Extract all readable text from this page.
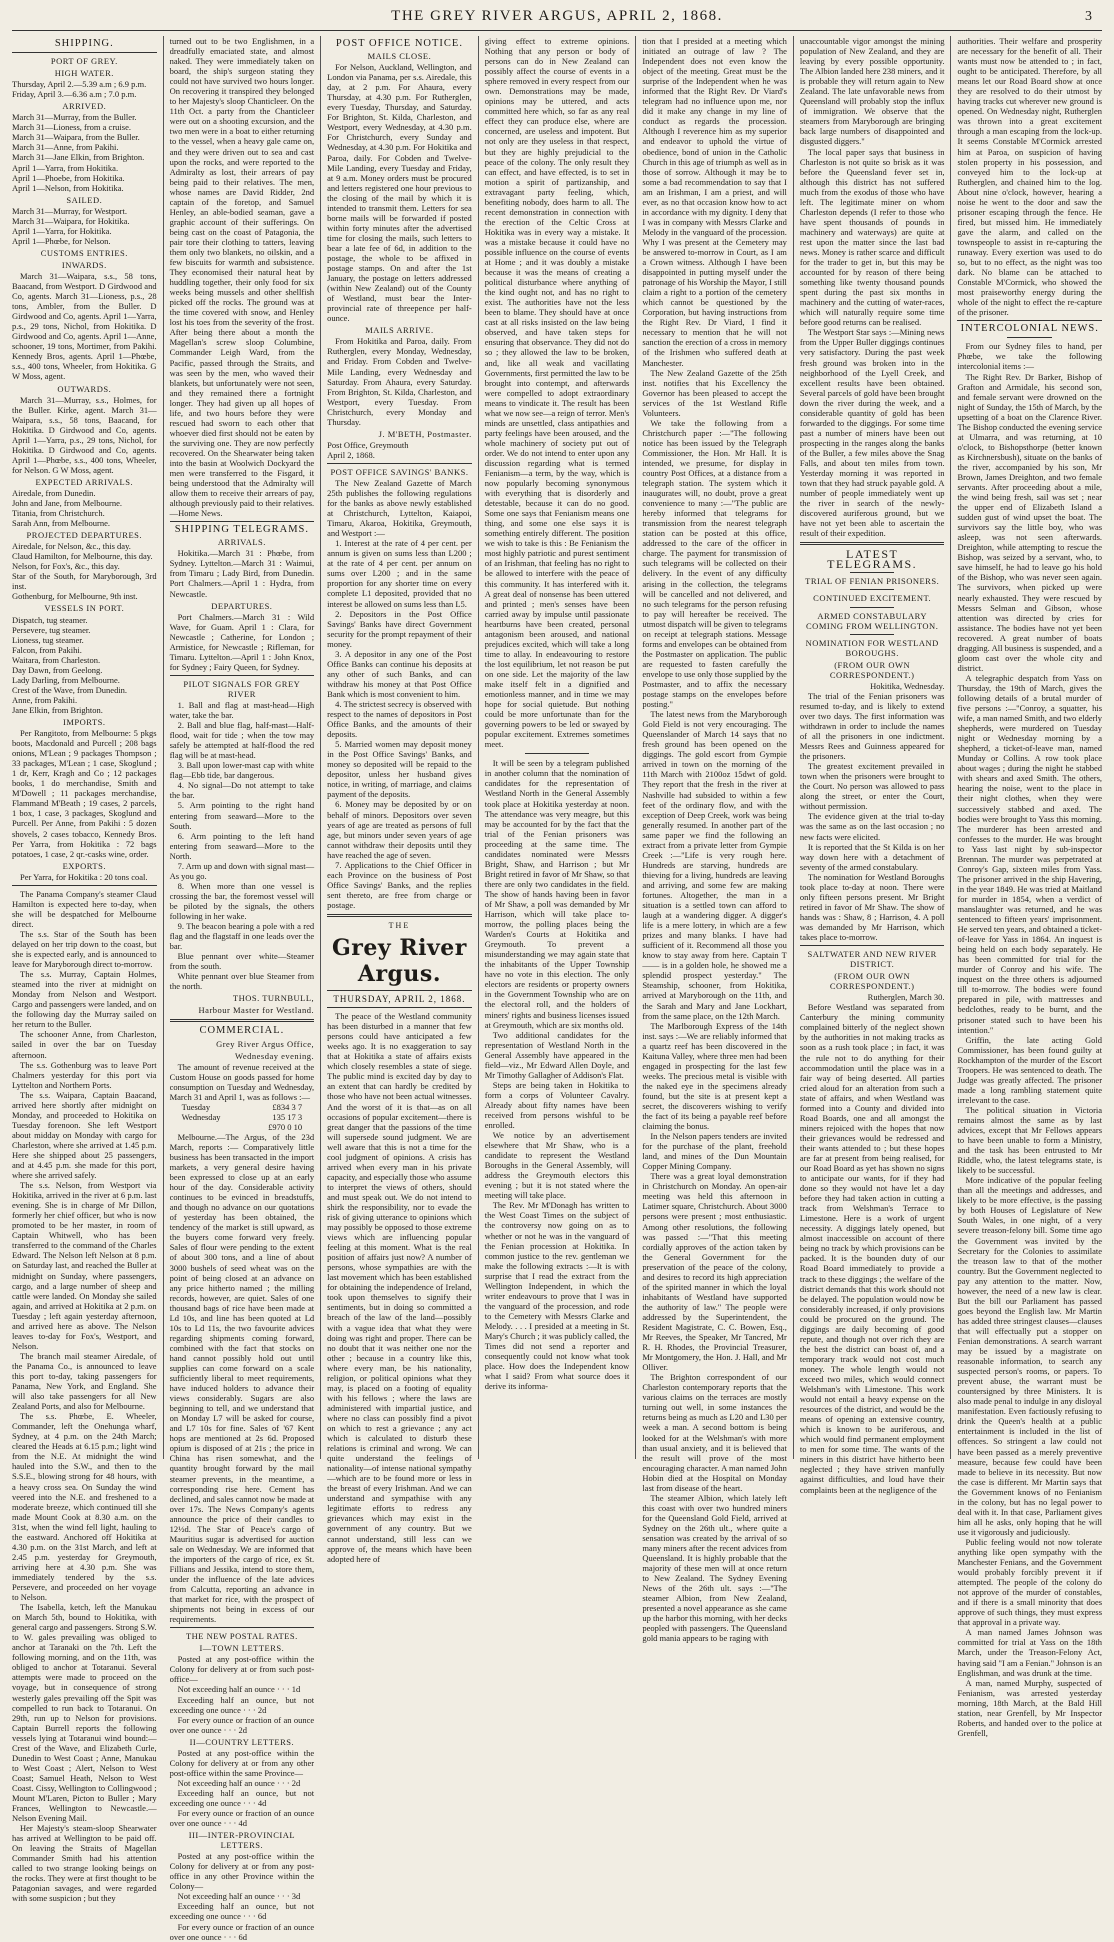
THE GREY RIVER ARGUS, APRIL 2, 1868.	3
SHIPPING.
PORT OF GREY.
HIGH WATER.
Thursday, April 2.—5.39 a.m ; 6.9 p.m.
Friday, April 3.—6.36 a.m ; 7.0 p.m.
ARRIVED.
March 31—Murray, from the Buller.
March 31—Lioness, from a cruise.
March 31—Waipara, from the Buller.
March 31—Anne, from Pakihi.
March 31—Jane Elkin, from Brighton.
April 1—Yarra, from Hokitika.
April 1—Phoebe, from Hokitika.
April 1—Nelson, from Hokitika.
SAILED.
March 31—Murray, for Westport.
March 31—Waipara, for Hokitika.
April 1—Yarra, for Hokitika.
April 1—Phœbe, for Nelson.
CUSTOMS ENTRIES.
INWARDS.

March 31—Waipara, s.s., 58 tons, Baacand, from Westport. D Girdwood and Co, agents. March 31—Lioness, p.s., 28 tons, Ambler, from the Buller. D Girdwood and Co, agents. April 1—Yarra, p.s., 29 tons, Nichol, from Hokitika. D Girdwood and Co, agents. April 1—Anne, schooner, 19 tons, Mortimer, from Pakihi. Kennedy Bros, agents. April 1—Phœbe, s.s., 400 tons, Wheeler, from Hokitika. G W Moss, agent.

OUTWARDS.

March 31—Murray, s.s., Holmes, for the Buller. Kirke, agent. March 31—Waipara, s.s., 58 tons, Baacand, for Hokitika. D Girdwood and Co, agents. April 1—Yarra, p.s., 29 tons, Nichol, for Hokitika. D Girdwood and Co, agents. April 1—Phœbe, s.s., 400 tons, Wheeler, for Nelson. G W Moss, agent.

EXPECTED ARRIVALS.
Airedale, from Dunedin.
John and Jane, from Melbourne.
Titania, from Christchurch.
Sarah Ann, from Melbourne.
PROJECTED DEPARTURES.
Airedale, for Nelson, &c., this day.
Claud Hamilton, for Melbourne, this day.
Nelson, for Fox's, &c., this day.
Star of the South, for Maryborough, 3rd inst.
Gothenburg, for Melbourne, 9th inst.
VESSELS IN PORT.
Dispatch, tug steamer.
Persevere, tug steamer.
Lioness, tug steamer.
Falcon, from Pakihi.
Waitara, from Charleston.
Day Dawn, from Geelong.
Lady Darling, from Melbourne.
Crest of the Wave, from Dunedin.
Anne, from Pakihi.
Jane Elkin, from Brighton.
IMPORTS.

Per Rangitoto, from Melbourne: 5 pkgs boots, Macdonald and Purcell ; 208 bags onions, M'Lean ; 9 packages Thompson ; 33 packages, M'Lean ; 1 case, Skoglund ; 1 dr, Kerr, Kragh and Co ; 12 packages books, 1 do merchandise, Smith and M'Dowell ; 11 packages merchandise, Flammand M'Beath ; 19 cases, 2 parcels, 1 box, 1 case, 3 packages, Skoglund and Purcell. Per Anne, from Pakihi : 5 dozen shovels, 2 cases tobacco, Kennedy Bros. Per Yarra, from Hokitika : 72 bags potatoes, 1 case, 2 qr.-casks wine, order.

EXPORTS.

Per Yarra, for Hokitika : 20 tons coal.

The Panama Company's steamer Claud Hamilton is expected here to-day, when she will be despatched for Melbourne direct.

The s.s. Star of the South has been delayed on her trip down to the coast, but she is expected early, and is announced to leave for Maryborough direct to-morrow.

The s.s. Murray, Captain Holmes, steamed into the river at midnight on Monday from Nelson and Westport. Cargo and passengers were landed, and on the following day the Murray sailed on her return to the Buller.

The schooner Anne, from Charleston, sailed in over the bar on Tuesday afternoon.

The s.s. Gothenburg was to leave Port Chalmers yesterday for this port via Lyttelton and Northern Ports.

The s.s. Waipara, Captain Baacand, arrived here shortly after midnight on Monday, and proceeded to Hokitika on Tuesday forenoon. She left Westport about midday on Monday with cargo for Charleston, where she arrived at 1.45 p.m. Here she shipped about 25 passengers, and at 4.45 p.m. she made for this port, where she arrived safely.

The s.s. Nelson, from Westport via Hokitika, arrived in the river at 6 p.m. last evening. She is in charge of Mr Dillon, formerly her chief officer, but who is now promoted to be her master, in room of Captain Whitwell, who has been transferred to the command of the Charles Edward. The Nelson left Nelson at 8 p.m. on Saturday last, and reached the Buller at midnight on Sunday, where passengers, cargo, and a large number of sheep and cattle were landed. On Monday she sailed again, and arrived at Hokitika at 2 p.m. on Tuesday ; left again yesterday afternoon, and arrived here as above. The Nelson leaves to-day for Fox's, Westport, and Nelson.

The branch mail steamer Airedale, of the Panama Co., is announced to leave this port to-day, taking passengers for Panama, New York, and England. She will also take passengers for all New Zealand Ports, and also for Melbourne.

The s.s. Phœbe, E. Wheeler, Commander, left the Onehunga wharf, Sydney, at 4 p.m. on the 24th March; cleared the Heads at 6.15 p.m.; light wind from the N.E. At midnight the wind hauled into the S.W., and then to the S.S.E., blowing strong for 48 hours, with a heavy cross sea. On Sunday the wind veered into the N.E. and freshened to a moderate breeze, which continued till she made Mount Cook at 8.30 a.m. on the 31st, when the wind fell light, hauling to the eastward. Anchored off Hokitika at 4.30 p.m. on the 31st March, and left at 2.45 p.m. yesterday for Greymouth, arriving here at 4.30 p.m. She was immediately tendered by the s.s. Persevere, and proceeded on her voyage to Nelson.

The Isabella, ketch, left the Manukau on March 5th, bound to Hokitika, with general cargo and passengers. Strong S.W. to W. gales prevailing was obliged to anchor at Taranaki on the 7th. Left the following morning, and on the 11th, was obliged to anchor at Totaranui. Several attempts were made to proceed on the voyage, but in consequence of strong westerly gales prevailing off the Spit was compelled to run back to Totaranui. On 29th, run up to Nelson for provisions. Captain Burrell reports the following vessels lying at Totaranui wind bound:—Crest of the Wave, and Elizabeth Curle, Dunedin to West Coast ; Anne, Manukau to West Coast ; Alert, Nelson to West Coast; Samuel Heath, Nelson to West Coast. Cissy, Wellington to Collingwood ; Mount M'Laren, Picton to Buller ; Mary Frances, Wellington to Newcastle.—Nelson Evening Mail.

Her Majesty's steam-sloop Shearwater has arrived at Wellington to be paid off. On leaving the Straits of Magellan Commander Smith had his attention called to two strange looking beings on the rocks. They were at first thought to be Patagonian savages, and were regarded with some suspicion ; but they

turned out to be two Englishmen, in a dreadfully emaciated state, and almost naked. They were immediately taken on board, the ship's surgeon stating they could not have survived two hours longer. On recovering it transpired they belonged to her Majesty's sloop Chanticleer. On the 11th Oct. a party from the Chanticleer were out on a shooting excursion, and the two men were in a boat to either returning to the vessel, when a heavy gale came on, and they were driven out to sea and cast upon the rocks, and were reported to the Admiralty as lost, their arrears of pay being paid to their relatives. The men, whose names are David Ridder, 2nd captain of the foretop, and Samuel Henley, an able-bodied seaman, gave a graphic account of their sufferings. On being cast on the coast of Patagonia, the pair tore their clothing to tatters, leaving them only two blankets, no oilskin, and a few biscuits for warmth and subsistence. They economised their natural heat by huddling together, their only food for six weeks being mussels and other shellfish picked off the rocks. The ground was at the time covered with snow, and Henley lost his toes from the severity of the frost. After being there about a month the Magellan's screw sloop Columbine, Commander Leigh Ward, from the Pacific, passed through the Straits, and was seen by the men, who waved their blankets, but unfortunately were not seen, and they remained there a fortnight longer. They had given up all hopes of life, and two hours before they were rescued had sworn to each other that whoever died first should not be eaten by the surviving one. They are now perfectly recovered. On the Shearwater being taken into the basin at Woolwich Dockyard the men were transferred to the Fisgard, it being understood that the Admiralty will allow them to receive their arrears of pay, although previously paid to their relatives.—Home News.

SHIPPING TELEGRAMS.
ARRIVALS.

Hokitika.—March 31 : Phœbe, from Sydney. Lyttelton.—March 31 : Waimui, from Timaru ; Lady Bird, from Dunedin. Port Chalmers.—April 1 : Hydra, from Newcastle.

DEPARTURES.

Port Chalmers.—March 31 : Wild Wave, for Guam. April 1 : Clara, for Newcastle ; Catherine, for London ; Armistice, for Newcastle ; Rifleman, for Timaru. Lyttelton.—April 1 : John Knox, for Sydney ; Fairy Queen, for Sydney.

PILOT SIGNALS FOR GREY RIVER

1. Ball and flag at mast-head—High water, take the bar.

2. Ball and blue flag, half-mast—Half-flood, wait for tide ; when the tow may safely be attempted at half-flood the red flag will be at mast-head.

3. Ball upon lower-mast cap with white flag—Ebb tide, bar dangerous.

4. No signal—Do not attempt to take the bar.

5. Arm pointing to the right hand entering from seaward—More to the South.

6. Arm pointing to the left hand entering from seaward—More to the North.

7. Arm up and down with signal mast—As you go.

8. When more than one vessel is crossing the bar, the foremost vessel will be piloted by the signals, the others following in her wake.

9. The beacon bearing a pole with a red flag and the flagstaff in one leads over the bar.

Blue pennant over white—Steamer from the south.

White pennant over blue Steamer from the north.

THOS. TURNBULL,
Harbour Master for Westland.
COMMERCIAL.
Grey River Argus Office,
Wednesday evening.

The amount of revenue received at the Custom House on goods passed for home consumption on Tuesday and Wednesday, March 31 and April 1, was as follows :—

Tuesday	£834 3 7
Wednesday	135 17 3
£970 0 10

Melbourne.—The Argus, of the 23d March, reports :— Comparatively little business has been transacted in the import markets, a very general desire having been expressed to close up at an early hour of the day. Considerable activity continues to be evinced in breadstuffs, and though no advance on our quotations of yesterday has been obtained, the tendency of the market is still upward, as the buyers come forward very freely. Sales of flour were pending to the extent of about 300 tons, and a line of about 3000 bushels of seed wheat was on the point of being closed at an advance on any price hitherto named ; the milling records, however, are quiet. Sales of one thousand bags of rice have been made at Ld 10s, and line has been quoted at Ld 10s to Ld 11s, the two favourite advices regarding shipments coming forward, combined with the fact that stocks on hand cannot possibly hold out until supplies can come forward on a scale sufficiently liberal to meet requirements, have induced holders to advance their views considerably. Sugars are also beginning to tell, and we understand that on Monday L7 will be asked for course, and L7 10s for fine. Sales of '67 Kent hops are mentioned at 2s 6d. Proposed opium is disposed of at 21s ; the price in China has risen somewhat, and the quantity brought forward by the mail steamer prevents, in the meantime, a corresponding rise here. Cement has declined, and sales cannot now be made at over 17s. The News Company's agents announce the price of their candles to 12½d. The Star of Peace's cargo of Mauritius sugar is advertised for auction sale on Wednesday. We are informed that the importers of the cargo of rice, ex St. Fillians and Jessika, intend to store them, under the influence of the late advices from Calcutta, reporting an advance in that market for rice, with the prospect of shipments not being in excess of our requirements.

THE NEW POSTAL RATES.
I—TOWN LETTERS.

Posted at any post-office within the Colony for delivery at or from such post-office—

Not exceeding half an ounce · · · 1d

Exceeding half an ounce, but not exceeding one ounce · · · 2d

For every ounce or fraction of an ounce over one ounce · · · 2d

II—COUNTRY LETTERS.

Posted at any post-office within the Colony for delivery at or from any other post-office within the same Province—

Not exceeding half an ounce · · · 2d

Exceeding half an ounce, but not exceeding one ounce · · · 4d

For every ounce or fraction of an ounce over one ounce · · · 4d

III—INTER-PROVINCIAL LETTERS.

Posted at any post-office within the Colony for delivery at or from any post-office in any other Province within the Colony—

Not exceeding half an ounce · · · 3d

Exceeding half an ounce, but not exceeding one ounce · · · 6d

For every ounce or fraction of an ounce over one ounce · · · 6d

POST OFFICE NOTICE.
MAILS CLOSE.

For Nelson, Auckland, Wellington, and London via Panama, per s.s. Airedale, this day, at 2 p.m. For Ahaura, every Thursday, at 4.30 p.m. For Rutherglen, every Tuesday, Thursday, and Saturday. For Brighton, St. Kilda, Charleston, and Westport, every Wednesday, at 4.30 p.m. For Christchurch, every Sunday and Wednesday, at 4.30 p.m. For Hokitika and Paroa, daily. For Cobden and Twelve-Mile Landing, every Tuesday and Friday, at 9 a.m. Money orders must be procured and letters registered one hour previous to the closing of the mail by which it is intended to transmit them. Letters for sea borne mails will be forwarded if posted within forty minutes after the advertised time for closing the mails, such letters to bear a late fee of 6d, in addition to the postage, the whole to be affixed in postage stamps. On and after the 1st January, the postage on letters addressed (within New Zealand) out of the County of Westland, must bear the Inter-provincial rate of threepence per half-ounce.

MAILS ARRIVE.

From Hokitika and Paroa, daily. From Rutherglen, every Monday, Wednesday, and Friday. From Cobden and Twelve-Mile Landing, every Wednesday and Saturday. From Ahaura, every Saturday. From Brighton, St. Kilda, Charleston, and Westport, every Tuesday. From Christchurch, every Monday and Thursday.

J. M'BETH, Postmaster.
Post Office, Greymouth
April 2, 1868.
POST OFFICE SAVINGS' BANKS.

The New Zealand Gazette of March 25th publishes the following regulations for the banks as above newly established at Christchurch, Lyttelton, Kaiapoi, Timaru, Akaroa, Hokitika, Greymouth, and Westport :—

1. Interest at the rate of 4 per cent. per annum is given on sums less than L200 ; at the rate of 4 per cent. per annum on sums over L200 ; and in the same proportion for any shorter time on every complete L1 deposited, provided that no interest be allowed on sums less than L5.

2. Depositors in the Post Office Savings' Banks have direct Government security for the prompt repayment of their money.

3. A depositor in any one of the Post Office Banks can continue his deposits at any other of such Banks, and can withdraw his money at that Post Office Bank which is most convenient to him.

4. The strictest secrecy is observed with respect to the names of depositors in Post Office Banks, and the amounts of their deposits.

5. Married women may deposit money in the Post Office Savings' Banks, and money so deposited will be repaid to the depositor, unless her husband gives notice, in writing, of marriage, and claims payment of the deposits.

6. Money may be deposited by or on behalf of minors. Depositors over seven years of age are treated as persons of full age, but minors under seven years of age cannot withdraw their deposits until they have reached the age of seven.

7. Applications to the Chief Officer in each Province on the business of Post Office Savings' Banks, and the replies sent thereto, are free from charge or postage.

THE
Grey River Argus.
THURSDAY, APRIL 2, 1868.

The peace of the Westland community has been disturbed in a manner that few persons could have anticipated a few weeks ago. It is no exaggeration to say that at Hokitika a state of affairs exists which closely resembles a state of siege. The public mind is excited day by day to an extent that can hardly be credited by those who have not been actual witnesses. And the worst of it is that—as on all occasions of popular excitement—there is great danger that the passions of the time will supersede sound judgment. We are well aware that this is not a time for the cool judgment of opinions. A crisis has arrived when every man in his private capacity, and especially those who assume to interpret the views of others, should and must speak out. We do not intend to shirk the responsibility, nor to evade the risk of giving utterance to opinions which may possibly be opposed to those extreme views which are influencing popular feeling at this moment. What is the real position of affairs just now? A number of persons, whose sympathies are with the last movement which has been established for obtaining the independence of Ireland, took upon themselves to signify their sentiments, but in doing so committed a breach of the law of the land—possibly with a vague idea that what they were doing was right and proper. There can be no doubt that it was neither one nor the other ; because in a country like this, where every man, be his nationality, religion, or political opinions what they may, is placed on a footing of equality with his fellows ; where the laws are administered with impartial justice, and where no class can possibly find a pivot on which to rest a grievance ; any act which is calculated to disturb these relations is criminal and wrong. We can quite understand the feelings of nationality—of intense national sympathy—which are to be found more or less in the breast of every Irishman. And we can understand and sympathise with any legitimate efforts to redress any grievances which may exist in the government of any country. But we cannot understand, still less can we approve of, the means which have been adopted here of

giving effect to extreme opinions. Nothing that any person or body of persons can do in New Zealand can possibly affect the course of events in a sphere removed in every respect from our own. Demonstrations may be made, opinions may be uttered, and acts committed here which, so far as any real effect they can produce else, where are concerned, are useless and impotent. But not only are they useless in that respect, but they are highly prejudicial to the peace of the colony. The only result they can effect, and have effected, is to set in motion a spirit of partizanship, and extravagant party feeling, which, benefiting nobody, does harm to all. The recent demonstration in connection with the erection of the Celtic Cross at Hokitika was in every way a mistake. It was a mistake because it could have no possible influence on the course of events at Home ; and it was doubly a mistake because it was the means of creating a political disturbance where anything of the kind ought not, and has no right to exist. The authorities have not the less been to blame. They should have at once cast at all risks insisted on the law being observed, and have taken steps for ensuring that observance. They did not do so ; they allowed the law to be broken, and, like all weak and vacillating Governments, first permitted the law to be brought into contempt, and afterwards were compelled to adopt extraordinary means to vindicate it. The result has been what we now see—a reign of terror. Men's minds are unsettled, class antipathies and party feelings have been aroused, and the whole machinery of society put out of order. We do not intend to enter upon any discussion regarding what is termed Fenianism—a term, by the way, which is now popularly becoming synonymous with everything that is disorderly and detestable, because it can do no good. Some one says that Fenianism means one thing, and some one else says it is something entirely different. The position we wish to take is this : Be Fenianism the most highly patriotic and purest sentiment of an Irishman, that feeling has no right to be allowed to interfere with the peace of this community. It has interfered with it. A great deal of nonsense has been uttered and printed ; men's senses have been carried away by impulse until passionate heartburns have been created, personal antagonism been aroused, and national prejudices excited, which will take a long time to allay. In endeavouring to restore the lost equilibrium, let not reason be put on one side. Let the majority of the law make itself felt in a dignified and emotionless manner, and in time we may hope for social quietude. But nothing could be more unfortunate than for the governing powers to be led or swayed by popular excitement. Extremes sometimes meet.

It will be seen by a telegram published in another column that the nomination of candidates for the representation of Westland North in the General Assembly took place at Hokitika yesterday at noon. The attendance was very meagre, but this may be accounted for by the fact that the trial of the Fenian prisoners was proceeding at the same time. The candidates nominated were Messrs Bright, Shaw, and Harrison ; but Mr Bright retired in favor of Mr Shaw, so that there are only two candidates in the field. The show of hands having been in favor of Mr Shaw, a poll was demanded by Mr Harrison, which will take place to-morrow, the polling places being the Warden's Courts at Hokitika and Greymouth. To prevent a misunderstanding we may again state that the inhabitants of the Upper Township have no vote in this election. The only electors are residents or property owners in the Government Township who are on the electoral roll, and the holders of miners' rights and business licenses issued at Greymouth, which are six months old.

Two additional candidates for the representation of Westland North in the General Assembly have appeared in the field—viz., Mr Edward Allen Doyle, and Mr Timothy Gallagher of Addison's Flat.

Steps are being taken in Hokitika to form a corps of Volunteer Cavalry. Already about fifty names have been received from persons wishful to be enrolled.

We notice by an advertisement elsewhere that Mr Shaw, who is a candidate to represent the Westland Boroughs in the General Assembly, will address the Greymouth electors this evening ; but it is not stated where the meeting will take place.

The Rev. Mr M'Donagh has written to the West Coast Times on the subject of the controversy now going on as to whether or not he was in the vanguard of the Fenian procession at Hokitika. In common justice to the rev. gentleman we make the following extracts :—It is with surprise that I read the extract from the Wellington Independent, in which the writer endeavours to prove that I was in the vanguard of the procession, and rode to the Cemetery with Messrs Clarke and Melody. . . . I presided at a meeting in St. Mary's Church ; it was publicly called, the Times did not send a reporter and consequently could not know what took place. How does the Independent know what I said? From what source does it derive its informa-

tion that I presided at a meeting which initiated an outrage of law ? The Independent does not even know the object of the meeting. Great must be the surprise of the Independent when he was informed that the Right Rev. Dr Viard's telegram had no influence upon me, nor did it make any change in my line of conduct as regards the procession. Although I reverence him as my superior and endeavor to uphold the virtue of obedience, bond of union in the Catholic Church in this age of triumph as well as in those of sorrow. Although it may be to some a bad recommendation to say that I am an Irishman, I am a priest, and will ever, as no that occasion know how to act in accordance with my dignity. I deny that I was in company with Messrs Clarke and Melody in the vanguard of the procession. Why I was present at the Cemetery may be answered to-morrow in Court, as I am a Crown witness. Although I have been disappointed in putting myself under the patronage of his Worship the Mayor, I still claim a right to a portion of the cemetery which cannot be questioned by the Corporation, but having instructions from the Right Rev. Dr Viard, I find it necessary to mention that he will not sanction the erection of a cross in memory of the Irishmen who suffered death at Manchester.

The New Zealand Gazette of the 25th inst. notifies that his Excellency the Governor has been pleased to accept the services of the 1st Westland Rifle Volunteers.

We take the following from a Christchurch paper :—"The following notice has been issued by the Telegraph Commissioner, the Hon. Mr Hall. It is intended, we presume, for display in country Post Offices, at a distance from a telegraph station. The system which it inaugurates will, no doubt, prove a great convenience to many :—"The public are hereby informed that telegrams for transmission from the nearest telegraph station can be posted at this office, addressed to the care of the officer in charge. The payment for transmission of such telegrams will be collected on their delivery. In the event of any difficulty arising in the collection, the telegrams will be cancelled and not delivered, and no such telegrams for the person refusing to pay will hereafter be received. The utmost dispatch will be given to telegrams on receipt at telegraph stations. Message forms and envelopes can be obtained from the Postmaster on application. The public are requested to fasten carefully the envelope to use only those supplied by the Postmaster, and to affix the necessary postage stamps on the envelopes before posting."

The latest news from the Maryborough Gold Field is not very encouraging. The Queenslander of March 14 says that no fresh ground has been opened on the diggings. The gold escort from Gympie arrived in town on the morning of the 11th March with 2100oz 15dwt of gold. They report that the fresh in the river at Nashville had subsided to within a few feet of the ordinary flow, and with the exception of Deep Creek, work was being generally resumed. In another part of the same paper we find the following an extract from a private letter from Gympie Creek :—"Life is very rough here. Hundreds are starving, hundreds are thieving for a living, hundreds are leaving and arriving, and some few are making fortunes. Altogether, the man in a situation is a settled town can afford to laugh at a wandering digger. A digger's life is a mere lottery, in which are a few prizes and many blanks. I have had sufficient of it. Recommend all those you know to stay away from here. Captain T—— is in a golden hole, he showed me a splendid prospect yesterday." The Steamship, schooner, from Hokitika, arrived at Maryborough on the 11th, and the Sarah and Mary and Jane Lockhart, from the same place, on the 12th March.

The Marlborough Express of the 14th inst. says :—We are reliably informed that a quartz reef has been discovered in the Kaituna Valley, where three men had been engaged in prospecting for the last few weeks. The precious metal is visible with the naked eye in the specimens already found, but the site is at present kept a secret, the discoverers wishing to verify the fact of its being a payable reef before claiming the bonus.

In the Nelson papers tenders are invited for the purchase of the plant, freehold land, and mines of the Dun Mountain Copper Mining Company.

There was a great loyal demonstration in Christchurch on Monday. An open-air meeting was held this afternoon in Latimer square, Christchurch. About 3000 persons were present ; most enthusiastic. Among other resolutions, the following was passed :—"That this meeting cordially approves of the action taken by the General Government for the preservation of the peace of the colony, and desires to record its high appreciation of the spirited manner in which the loyal inhabitants of Westland have supported the authority of law." The people were addressed by the Superintendent, the Resident Magistrate, C. C. Bowen, Esq., Mr Reeves, the Speaker, Mr Tancred, Mr R. H. Rhodes, the Provincial Treasurer, Mr Montgomery, the Hon. J. Hall, and Mr Olliver.

The Brighton correspondent of our Charleston contemporary reports that the various claims on the terraces are mostly turning out well, in some instances the returns being as much as L20 and L30 per week a man. A second bottom is being looked for at the Welshman's with more than usual anxiety, and it is believed that the result will prove of the most encouraging character. A man named John Hobin died at the Hospital on Monday last from disease of the heart.

The steamer Albion, which lately left this coast with over two hundred miners for the Queensland Gold Field, arrived at Sydney on the 26th ult., where quite a sensation was created by the arrival of so many miners after the recent advices from Queensland. It is highly probable that the majority of these men will at once return to New Zealand. The Sydney Evening News of the 26th ult. says :—"The steamer Albion, from New Zealand, presented a novel appearance as she came up the harbor this morning, with her decks peopled with passengers. The Queensland gold mania appears to be raging with

unaccountable vigor amongst the mining population of New Zealand, and they are leaving by every possible opportunity. The Albion landed here 238 miners, and it is probable they will return again to New Zealand. The late unfavorable news from Queensland will probably stop the influx of immigration. We observe that the steamers from Maryborough are bringing back large numbers of disappointed and disgusted diggers."

The local paper says that business in Charleston is not quite so brisk as it was before the Queensland fever set in, although this district has not suffered much from the exodus of those who have left. The legitimate miner on whom Charleston depends (I refer to those who have spent thousands of pounds in machinery and waterways) are quite at rest upon the matter since the last bad news. Money is rather scarce and difficult for the trader to get in, but this may be accounted for by reason of there being something like twenty thousand pounds spent during the past six months in machinery and the cutting of water-races, which will naturally require some time before good returns can be realised.

The Westport Star says :—Mining news from the Upper Buller diggings continues very satisfactory. During the past week fresh ground was broken into in the neighborhood of the Lyell Creek, and excellent results have been obtained. Several parcels of gold have been brought down the river during the week, and a considerable quantity of gold has been forwarded to the diggings. For some time past a number of miners have been out prospecting in the ranges along the banks of the Buller, a few miles above the Snag Falls, and about ten miles from town. Yesterday morning it was reported in town that they had struck payable gold. A number of people immediately went up the river in search of the newly-discovered auriferous ground, but we have not yet been able to ascertain the result of their expedition.

LATEST TELEGRAMS.
TRIAL OF FENIAN PRISONERS.
CONTINUED EXCITEMENT.
ARMED CONSTABULARY COMING FROM WELLINGTON.
NOMINATION FOR WESTLAND BOROUGHS.
(FROM OUR OWN CORRESPONDENT.)
Hokitika, Wednesday.

The trial of the Fenian prisoners was resumed to-day, and is likely to extend over two days. The first information was withdrawn in order to include the names of all the prisoners in one indictment. Messrs Rees and Guinness appeared for the prisoners.

The greatest excitement prevailed in town when the prisoners were brought to the Court. No person was allowed to pass along the street, or enter the Court, without permission.

The evidence given at the trial to-day was the same as on the last occasion ; no new facts were elicited.

It is reported that the St Kilda is on her way down here with a detachment of seventy of the armed constabulary.

The nomination for Westland Boroughs took place to-day at noon. There were only fifteen persons present. Mr Bright retired in favor of Mr Shaw. The show of hands was : Shaw, 8 ; Harrison, 4. A poll was demanded by Mr Harrison, which takes place to-morrow.

SALTWATER AND NEW RIVER DISTRICT.
(FROM OUR OWN CORRESPONDENT.)
Rutherglen, March 30.

Before Westland was separated from Canterbury the mining community complained bitterly of the neglect shown by the authorities in not making tracks as soon as a rush took place ; in fact, it was the rule not to do anything for their accommodation until the place was in a fair way of being deserted. All parties cried aloud for an alteration from such a state of affairs, and when Westland was formed into a County and divided into Road Boards, one and all amongst the miners rejoiced with the hopes that now their grievances would be redressed and their wants attended to ; but these hopes are far at present from being realised, for our Road Board as yet has shown no signs to anticipate our wants, for if they had done so they would not have let a day before they had taken action in cutting a track from Welshman's Terrace to Limestone. Here is a work of urgent necessity. A diggings lately opened, but almost inaccessible on account of there being no track by which provisions can be packed. It is the bounden duty of our Road Board immediately to provide a track to these diggings ; the welfare of the district demands that this work should not be delayed. The population would now be considerably increased, if only provisions could be procured on the ground. The diggings are daily becoming of good repute, and though not over rich they are the best the district can boast of, and a temporary track would not cost much money. The whole length would not exceed two miles, which would connect Welshman's with Limestone. This work would not entail a heavy expense on the resources of the district, and would be the means of opening an extensive country, which is known to be auriferous, and which would find permanent employment to men for some time. The wants of the miners in this district have hitherto been neglected ; they have striven manfully against difficulties, and loud have their complaints been at the negligence of the

authorities. Their welfare and prosperity are necessary for the benefit of all. Their wants must now be attended to ; in fact, ought to be anticipated. Therefore, by all means let our Road Board show at once they are resolved to do their utmost by having tracks cut wherever new ground is opened. On Wednesday night, Rutherglen was thrown into a great excitement through a man escaping from the lock-up. It seems Constable M'Cormick arrested him at Paroa, on suspicion of having stolen property in his possession, and conveyed him to the lock-up at Rutherglen, and chained him to the log. About nine o'clock, however, hearing a noise he went to the door and saw the prisoner escaping through the fence. He fired, but missed him. He immediately gave the alarm, and called on the townspeople to assist in re-capturing the runaway. Every exertion was used to do so, but to no effect, as the night was too dark. No blame can be attached to Constable M'Cormick, who showed the most praiseworthy energy during the whole of the night to effect the re-capture of the prisoner.

INTERCOLONIAL NEWS.

From our Sydney files to hand, per Phœbe, we take the following intercolonial items :—

The Right Rev. Dr Barker, Bishop of Grafton and Armidale, his second son, and female servant were drowned on the night of Sunday, the 15th of March, by the upsetting of a boat on the Clarence River. The Bishop conducted the evening service at Ulmarra, and was returning, at 10 o'clock, to Bishopsthorpe (better known as Kirchnersbush), situate on the banks of the river, accompanied by his son, Mr Brown, James Dreighton, and two female servants. After proceeding about a mile, the wind being fresh, sail was set ; near the upper end of Elizabeth Island a sudden gust of wind upset the boat. The survivors say the little boy, who was asleep, was not seen afterwards. Dreighton, while attempting to rescue the Bishop, was seized by a servant, who, to save himself, he had to leave go his hold of the Bishop, who was never seen again. The survivors, when picked up were nearly exhausted. They were rescued by Messrs Selman and Gibson, whose attention was directed by cries for assistance. The bodies have not yet been recovered. A great number of boats dragging. All business is suspended, and a gloom cast over the whole city and district.

A telegraphic despatch from Yass on Thursday, the 19th of March, gives the following details of a brutal murder of five persons :—"Conroy, a squatter, his wife, a man named Smith, and two elderly shepherds, were murdered on Tuesday night or Wednesday morning by a shepherd, a ticket-of-leave man, named Munday or Collins. A row took place about wages ; during the night he stabbed with shears and axed Smith. The others, hearing the noise, went to the place in their night clothes, when they were successively stabbed and axed. The bodies were brought to Yass this morning. The murderer has been arrested and confesses to the murder. He was brought to Yass last night by sub-inspector Brennan. The murder was perpetrated at Conroy's Gap, sixteen miles from Yass. The prisoner arrived in the ship Havering, in the year 1849. He was tried at Maitland for murder in 1854, when a verdict of manslaughter was returned, and he was sentenced to fifteen years' imprisonment. He served ten years, and obtained a ticket-of-leave for Yass in 1864. An inquest is being held on each body separately. He has been committed for trial for the murder of Conroy and his wife. The inquest on the three others is adjourned till to-morrow. The bodies were found prepared in pile, with mattresses and bedclothes, ready to be burnt, and the prisoner stated such to have been his intention."

Griffin, the late acting Gold Commissioner, has been found guilty at Rockhampton of the murder of the Escort Troopers. He was sentenced to death. The Judge was greatly affected. The prisoner made a long rambling statement quite irrelevant to the case.

The political situation in Victoria remains almost the same as by last advices, except that Mr Fellows appears to have been unable to form a Ministry, and the task has been entrusted to Mr Riddle, who, the latest telegrams state, is likely to be successful.

More indicative of the popular feeling than all the meetings and addresses, and likely to be more effective, is the passing by both Houses of Legislature of New South Wales, in one night, of a very severe treason-felony bill. Some time ago the Government was invited by the Secretary for the Colonies to assimilate the treason law to that of the mother country. But the Government neglected to pay any attention to the matter. Now, however, the need of a new law is clear. But the bill our Parliament has passed goes beyond the English law. Mr Martin has added three stringest clauses—clauses that will effectually put a stopper on Fenian demonstrations. A search warrant may be issued by a magistrate on reasonable information, to search any suspected person's rooms, or papers. To prevent abuse, the warrant must be countersigned by three Ministers. It is also made penal to indulge in any disloyal manifestation. Even factiously refusing to drink the Queen's health at a public entertainment is included in the list of offences. So stringent a law could not have been passed as a merely preventive measure, because few could have been made to believe in its necessity. But now the case is different. Mr Martin says that the Government knows of no Fenianism in the colony, but has no legal power to deal with it. In that case, Parliament gives him all he asks, only hoping that he will use it vigorously and judiciously.

Public feeling would not now tolerate anything like open sympathy with the Manchester Fenians, and the Government would probably forcibly prevent it if attempted. The people of the colony do not approve of the murder of constables, and if there is a small minority that does approve of such things, they must express that approval in a private way.

A man named James Johnson was committed for trial at Yass on the 18th March, under the Treason-Felony Act, having said "I am a Fenian." Johnson is an Englishman, and was drunk at the time.

A man, named Murphy, suspected of Fenianism, was arrested yesterday morning, 18th March, at the Bald Hill station, near Grenfell, by Mr Inspector Roberts, and handed over to the police at Grenfell,
